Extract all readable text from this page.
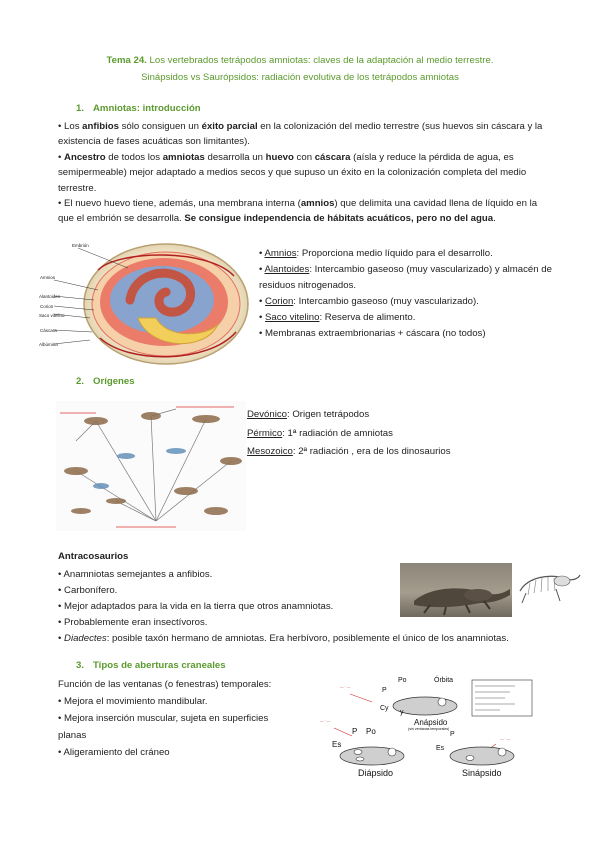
Tema 24. Los vertebrados tetrápodos amniotas: claves de la adaptación al medio terrestre.
Sinápsidos vs Saurópsidos: radiación evolutiva de los tetrápodos amniotas
1. Amniotas: introducción

• Los anfibios sólo consiguen un éxito parcial en la colonización del medio terrestre (sus huevos sin cáscara y la existencia de fases acuáticas son limitantes).

• Ancestro de todos los amniotas desarrolla un huevo con cáscara (aísla y reduce la pérdida de agua, es semipermeable) mejor adaptado a medios secos y que supuso un éxito en la colonización completa del medio terrestre.

• El nuevo huevo tiene, además, una membrana interna (amnios) que delimita una cavidad llena de líquido en la que el embrión se desarrolla. Se consigue independencia de hábitats acuáticos, pero no del agua.

Embrión
Amnios
Alantoides
Corion
Saco vitelino
Cáscara
Albúmina
• Amnios: Proporciona medio líquido para el desarrollo.
• Alantoides: Intercambio gaseoso (muy vascularizado) y almacén de residuos nitrogenados.
• Corion: Intercambio gaseoso (muy vascularizado).
• Saco vitelino: Reserva de alimento.
• Membranas extraembrionarias + cáscara (no todos)
2. Orígenes
Devónico: Origen tetrápodos
Pérmico: 1ª radiación de amniotas
Mesozoico: 2ª radiación , era de los dinosaurios
Antracosaurios
• Anamniotas semejantes a anfibios.
• Carbonífero.
• Mejor adaptados para la vida en la tierra que otros anamniotas.
• Probablemente eran insectívoros.
• Diadectes: posible taxón hermano de amniotas. Era herbívoro, posiblemente el único de los anamniotas.
3. Tipos de aberturas craneales
Función de las ventanas (o fenestras) temporales:
• Mejora el movimiento mandibular.
• Mejora inserción muscular, sujeta en superficies planas
• Aligeramiento del cráneo
— · —
— · —
— · —
Po	Órbita
P
Cy
y
P Po
Es
P
Es
Anápsido
(sin ventanas temporales)
Diápsido	Sinápsido
